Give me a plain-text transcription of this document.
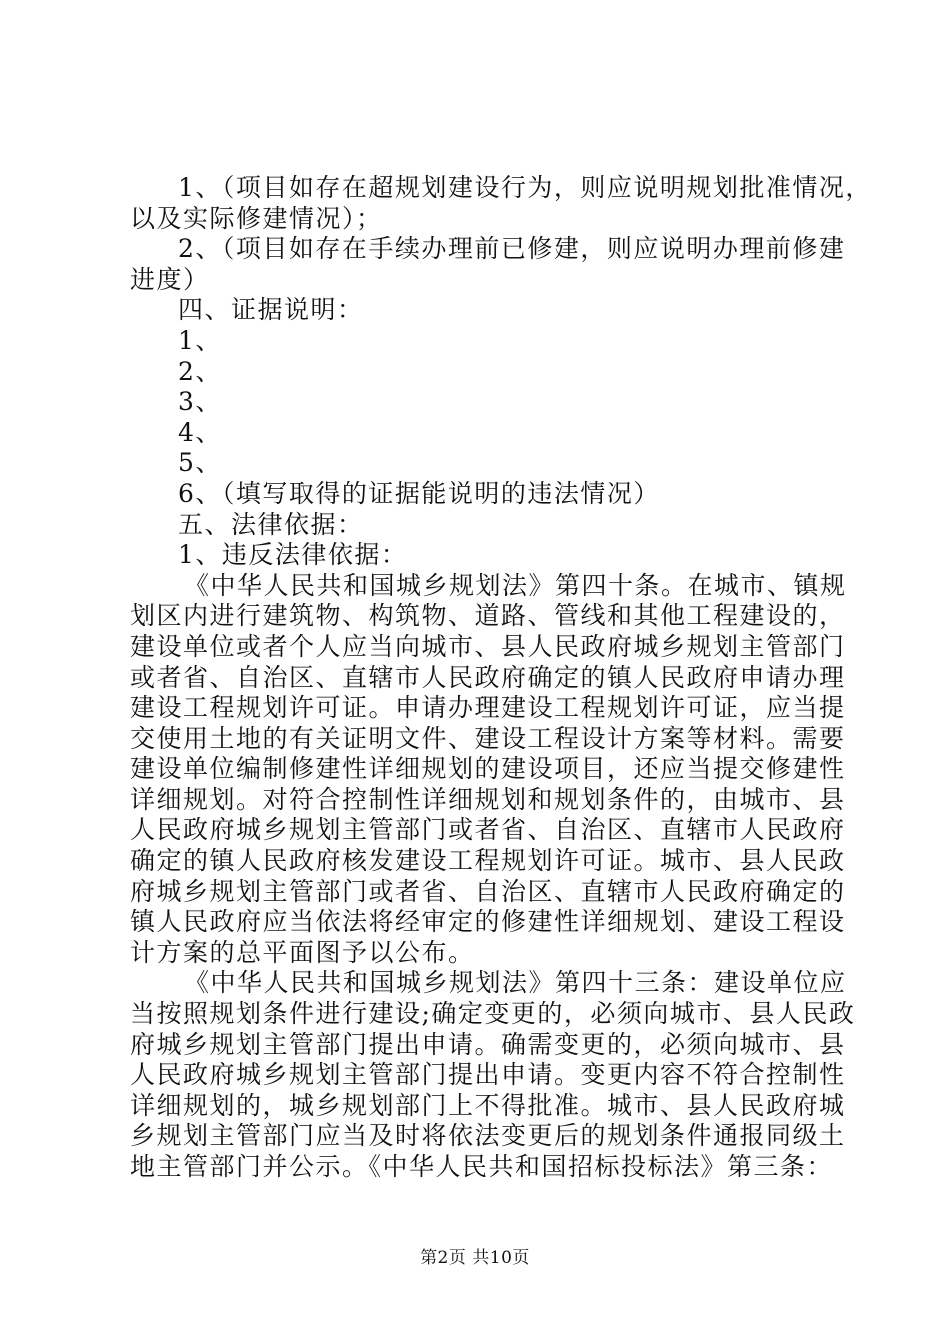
1、（项目如存在超规划建设行为，则应说明规划批准情况，
以及实际修建情况）；
2、（项目如存在手续办理前已修建，则应说明办理前修建
进度）
四、证据说明：
1、
2、
3、
4、
5、
6、（填写取得的证据能说明的违法情况）
五、法律依据：
1、违反法律依据：
《中华人民共和国城乡规划法》第四十条。在城市、镇规
划区内进行建筑物、构筑物、道路、管线和其他工程建设的，
建设单位或者个人应当向城市、县人民政府城乡规划主管部门
或者省、自治区、直辖市人民政府确定的镇人民政府申请办理
建设工程规划许可证。申请办理建设工程规划许可证，应当提
交使用土地的有关证明文件、建设工程设计方案等材料。需要
建设单位编制修建性详细规划的建设项目，还应当提交修建性
详细规划。对符合控制性详细规划和规划条件的，由城市、县
人民政府城乡规划主管部门或者省、自治区、直辖市人民政府
确定的镇人民政府核发建设工程规划许可证。城市、县人民政
府城乡规划主管部门或者省、自治区、直辖市人民政府确定的
镇人民政府应当依法将经审定的修建性详细规划、建设工程设
计方案的总平面图予以公布。
《中华人民共和国城乡规划法》第四十三条：建设单位应
当按照规划条件进行建设;确定变更的，必须向城市、县人民政
府城乡规划主管部门提出申请。确需变更的，必须向城市、县
人民政府城乡规划主管部门提出申请。变更内容不符合控制性
详细规划的，城乡规划部门上不得批准。城市、县人民政府城
乡规划主管部门应当及时将依法变更后的规划条件通报同级土
地主管部门并公示。《中华人民共和国招标投标法》第三条：
第2页 共10页
